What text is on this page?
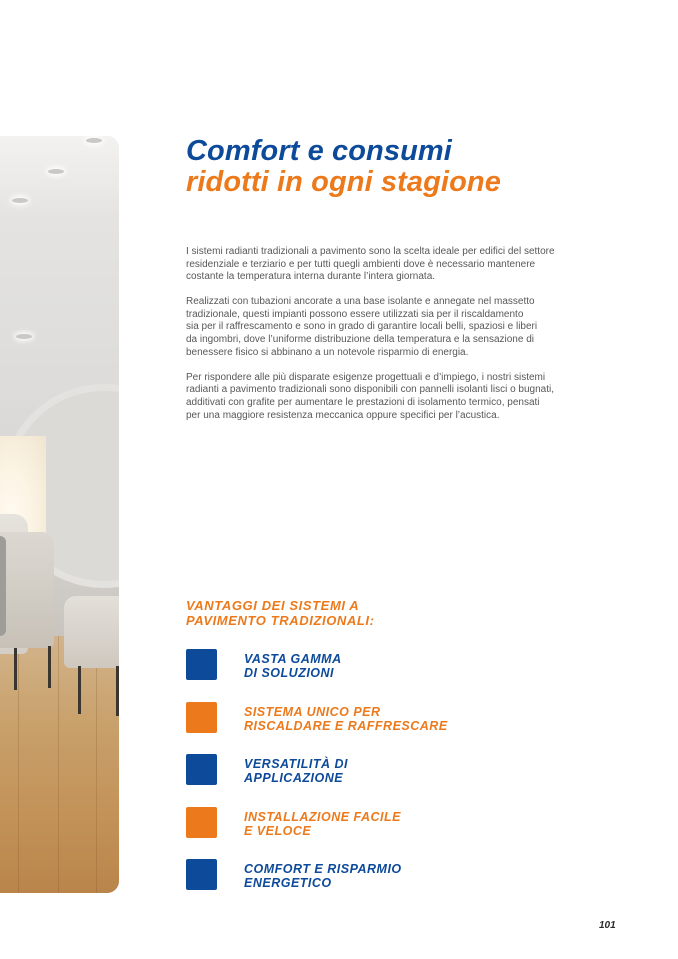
Comfort e consumi
ridotti in ogni stagione

I sistemi radianti tradizionali a pavimento sono la scelta ideale per edifici del settore
residenziale e terziario e per tutti quegli ambienti dove è necessario mantenere
costante la temperatura interna durante l’intera giornata.

Realizzati con tubazioni ancorate a una base isolante e annegate nel massetto
tradizionale, questi impianti possono essere utilizzati sia per il riscaldamento
sia per il raffrescamento e sono in grado di garantire locali belli, spaziosi e liberi
da ingombri, dove l’uniforme distribuzione della temperatura e la sensazione di
benessere fisico si abbinano a un notevole risparmio di energia.

Per rispondere alle più disparate esigenze progettuali e d’impiego, i nostri sistemi
radianti a pavimento tradizionali sono disponibili con pannelli isolanti lisci o bugnati,
additivati con grafite per aumentare le prestazioni di isolamento termico, pensati
per una maggiore resistenza meccanica oppure specifici per l’acustica.

VANTAGGI DEI SISTEMI A
PAVIMENTO TRADIZIONALI:
VASTA GAMMA
DI SOLUZIONI
SISTEMA UNICO PER
RISCALDARE E RAFFRESCARE
VERSATILITÀ DI
APPLICAZIONE
INSTALLAZIONE FACILE
E VELOCE
COMFORT E RISPARMIO
ENERGETICO
101
